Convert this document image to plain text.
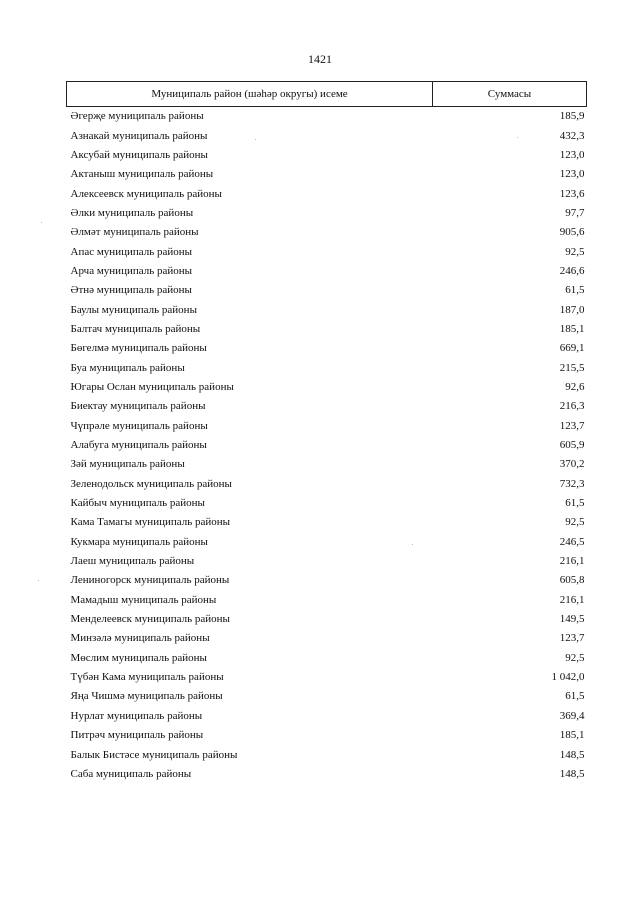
1421
Муниципаль район (шәһәр округы) исеме	Суммасы
Әгерҗе муниципаль районы	185,9
Азнакай муниципаль районы	432,3
Аксубай муниципаль районы	123,0
Актаныш муниципаль районы	123,0
Алексеевск муниципаль районы	123,6
Әлки муниципаль районы	97,7
Әлмәт муниципаль районы	905,6
Апас муниципаль районы	92,5
Арча муниципаль районы	246,6
Әтнә муниципаль районы	61,5
Баулы муниципаль районы	187,0
Балтач муниципаль районы	185,1
Бөгелмә муниципаль районы	669,1
Буа муниципаль районы	215,5
Югары Ослан муниципаль районы	92,6
Биектау муниципаль районы	216,3
Чүпрәле муниципаль районы	123,7
Алабуга муниципаль районы	605,9
Зәй муниципаль районы	370,2
Зеленодольск муниципаль районы	732,3
Кайбыч муниципаль районы	61,5
Кама Тамагы муниципаль районы	92,5
Кукмара муниципаль районы	246,5
Лаеш муниципаль районы	216,1
Лениногорск муниципаль районы	605,8
Мамадыш муниципаль районы	216,1
Менделеевск муниципаль районы	149,5
Минзәлә муниципаль районы	123,7
Мөслим муниципаль районы	92,5
Түбән Кама муниципаль районы	1 042,0
Яңа Чишмә муниципаль районы	61,5
Нурлат муниципаль районы	369,4
Питрәч муниципаль районы	185,1
Балык Бистәсе муниципаль районы	148,5
Саба муниципаль районы	148,5
